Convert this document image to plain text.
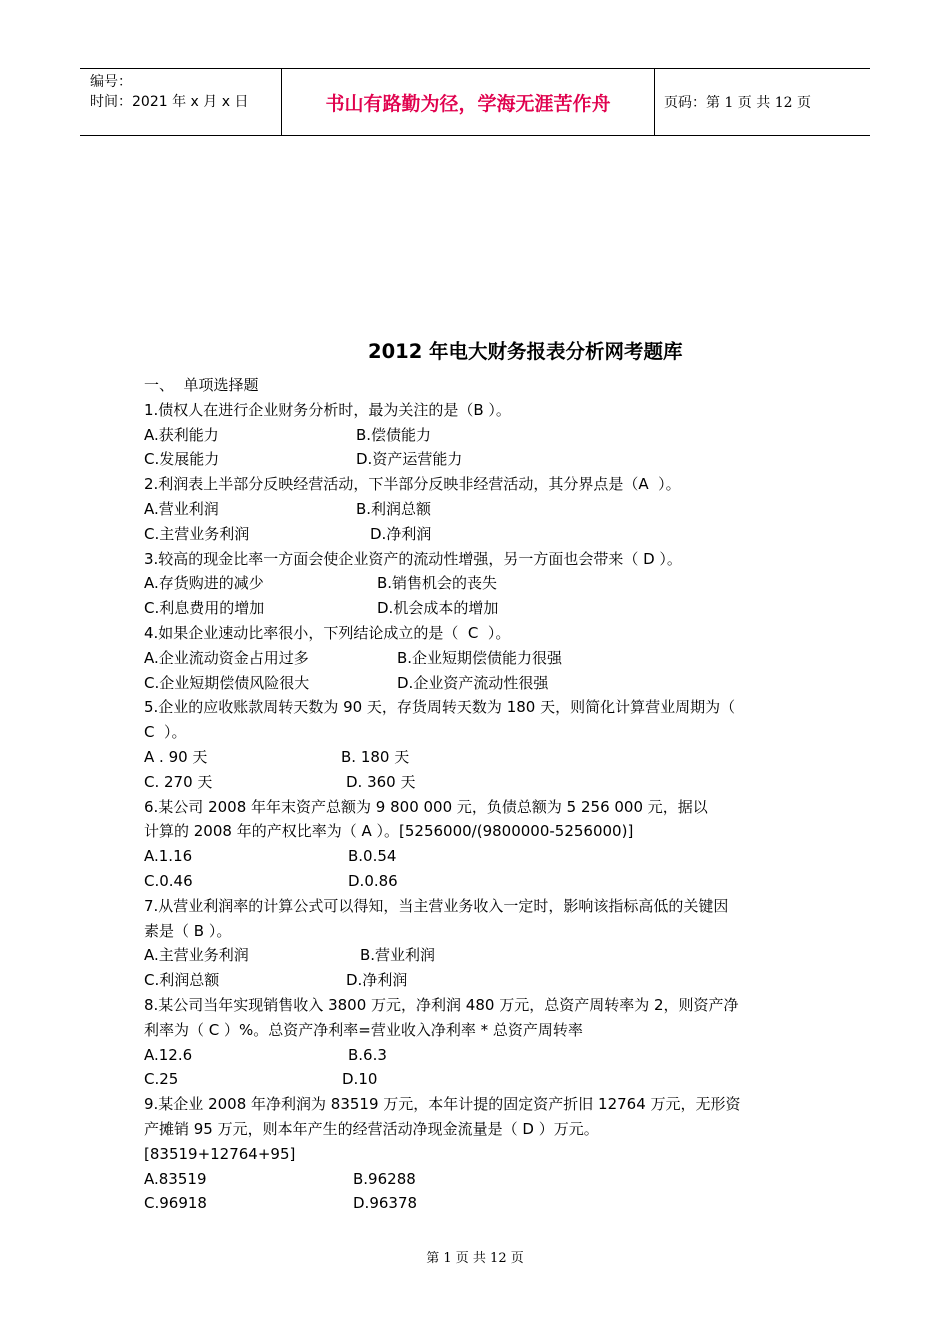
编号：
时间：2021 年 x 月 x 日	书山有路勤为径，学海无涯苦作舟	页码：第 1 页 共 12 页
2012 年电大财务报表分析网考题库
一、  单项选择题
1.债权人在进行企业财务分析时，最为关注的是（B ）。
A.获利能力	B.偿债能力
C.发展能力	D.资产运营能力
2.利润表上半部分反映经营活动，下半部分反映非经营活动，其分界点是（A  ）。
A.营业利润	B.利润总额
C.主营业务利润	D.净利润
3.较高的现金比率一方面会使企业资产的流动性增强，另一方面也会带来（ D ）。
A.存货购进的减少	B.销售机会的丧失
C.利息费用的增加	D.机会成本的增加
4.如果企业速动比率很小，下列结论成立的是（  C  ）。
A.企业流动资金占用过多	B.企业短期偿债能力很强
C.企业短期偿债风险很大	D.企业资产流动性很强
5.企业的应收账款周转天数为 90 天，存货周转天数为 180 天，则简化计算营业周期为（
C  ）。
A . 90 天	B. 180 天
C. 270 天	D. 360 天
6.某公司 2008 年年末资产总额为 9 800 000 元，负债总额为 5 256 000 元，据以
计算的 2008 年的产权比率为（ A ）。[5256000/(9800000-5256000)]
A.1.16	B.0.54
C.0.46	D.0.86
7.从营业利润率的计算公式可以得知，当主营业务收入一定时，影响该指标高低的关键因
素是（ B ）。
A.主营业务利润	B.营业利润
C.利润总额	D.净利润
8.某公司当年实现销售收入 3800 万元，净利润 480 万元，总资产周转率为 2，则资产净
利率为（ C ）%。总资产净利率=营业收入净利率 * 总资产周转率
A.12.6	B.6.3
C.25	D.10
9.某企业 2008 年净利润为 83519 万元，本年计提的固定资产折旧 12764 万元，无形资
产摊销 95 万元，则本年产生的经营活动净现金流量是（ D ）万元。
[83519+12764+95]
A.83519	B.96288
C.96918	D.96378
第 1 页 共 12 页
